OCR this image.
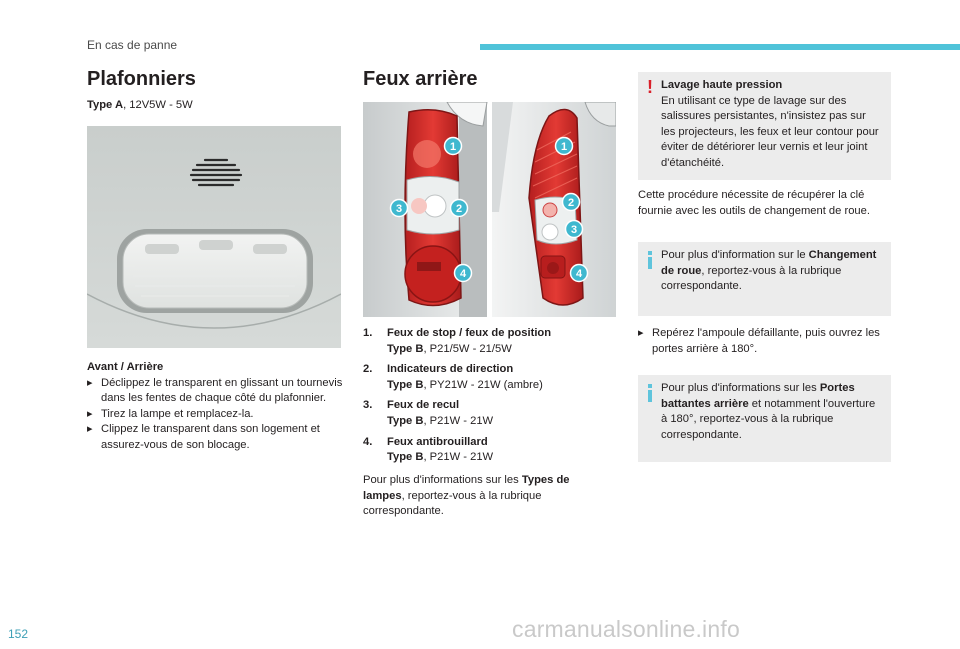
En cas de panne
Plafonniers
Type A, 12V5W - 5W
Avant / Arrière
▸ Déclippez le transparent en glissant un tournevis dans les fentes de chaque côté du plafonnier.
▸ Tirez la lampe et remplacez-la.
▸ Clippez le transparent dans son logement et assurez-vous de son blocage.
Feux arrière
1
3	2
4
1
2
3
4
1.	Feux de stop / feux de position
Type B, P21/5W - 21/5W
2.	Indicateurs de direction
Type B, PY21W - 21W (ambre)
3.	Feux de recul
Type B, P21W - 21W
4.	Feux antibrouillard
Type B, P21W - 21W
Pour plus d'informations sur les Types de lampes, reportez-vous à la rubrique correspondante.
! Lavage haute pression
En utilisant ce type de lavage sur des salissures persistantes, n'insistez pas sur les projecteurs, les feux et leur contour pour éviter de détériorer leur vernis et leur joint d'étanchéité.
Cette procédure nécessite de récupérer la clé fournie avec les outils de changement de roue.
Pour plus d'information sur le Changement de roue, reportez-vous à la rubrique correspondante.
▸ Repérez l'ampoule défaillante, puis ouvrez les portes arrière à 180°.
Pour plus d'informations sur les Portes battantes arrière et notamment l'ouverture à 180°, reportez-vous à la rubrique correspondante.
152	carmanualsonline.info
